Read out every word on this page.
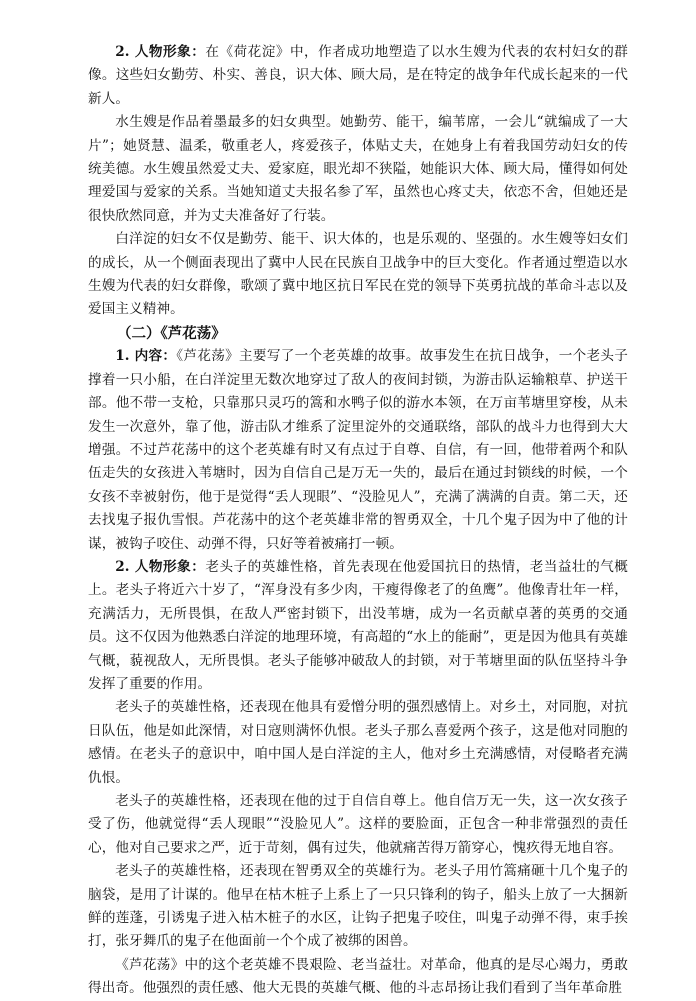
2. 人物形象：在《荷花淀》中，作者成功地塑造了以水生嫂为代表的农村妇女的群像。这些妇女勤劳、朴实、善良，识大体、顾大局，是在特定的战争年代成长起来的一代新人。

水生嫂是作品着墨最多的妇女典型。她勤劳、能干，编苇席，一会儿“就编成了一大片”；她贤慧、温柔，敬重老人，疼爱孩子，体贴丈夫，在她身上有着我国劳动妇女的传统美德。水生嫂虽然爱丈夫、爱家庭，眼光却不狭隘，她能识大体、顾大局，懂得如何处理爱国与爱家的关系。当她知道丈夫报名参了军，虽然也心疼丈夫，依恋不舍，但她还是很快欣然同意，并为丈夫准备好了行装。

白洋淀的妇女不仅是勤劳、能干、识大体的，也是乐观的、坚强的。水生嫂等妇女们的成长，从一个侧面表现出了冀中人民在民族自卫战争中的巨大变化。作者通过塑造以水生嫂为代表的妇女群像，歌颂了冀中地区抗日军民在党的领导下英勇抗战的革命斗志以及爱国主义精神。

（二）《芦花荡》

1. 内容：《芦花荡》主要写了一个老英雄的故事。故事发生在抗日战争，一个老头子撑着一只小船，在白洋淀里无数次地穿过了敌人的夜间封锁，为游击队运输粮草、护送干部。他不带一支枪，只靠那只灵巧的篙和水鸭子似的游水本领，在万亩苇塘里穿梭，从未发生一次意外，靠了他，游击队才维系了淀里淀外的交通联络，部队的战斗力也得到大大增强。不过芦花荡中的这个老英雄有时又有点过于自尊、自信，有一回，他带着两个和队伍走失的女孩进入苇塘时，因为自信自己是万无一失的，最后在通过封锁线的时候，一个女孩不幸被射伤，他于是觉得“丢人现眼”、“没脸见人”，充满了满满的自责。第二天，还去找鬼子报仇雪恨。芦花荡中的这个老英雄非常的智勇双全，十几个鬼子因为中了他的计谋，被钩子咬住、动弹不得，只好等着被痛打一顿。

2. 人物形象：老头子的英雄性格，首先表现在他爱国抗日的热情，老当益壮的气概上。老头子将近六十岁了，“浑身没有多少肉，干瘦得像老了的鱼鹰”。他像青壮年一样，充满活力，无所畏惧，在敌人严密封锁下，出没苇塘，成为一名贡献卓著的英勇的交通员。这不仅因为他熟悉白洋淀的地理环境，有高超的“水上的能耐”，更是因为他具有英雄气概，藐视敌人，无所畏惧。老头子能够冲破敌人的封锁，对于苇塘里面的队伍坚持斗争发挥了重要的作用。

老头子的英雄性格，还表现在他具有爱憎分明的强烈感情上。对乡土，对同胞，对抗日队伍，他是如此深情，对日寇则满怀仇恨。老头子那么喜爱两个孩子，这是他对同胞的感情。在老头子的意识中，咱中国人是白洋淀的主人，他对乡土充满感情，对侵略者充满仇恨。

老头子的英雄性格，还表现在他的过于自信自尊上。他自信万无一失，这一次女孩子受了伤，他就觉得“丢人现眼”“没脸见人”。这样的要脸面，正包含一种非常强烈的责任心，他对自己要求之严，近于苛刻，偶有过失，他就痛苦得万箭穿心，愧疚得无地自容。

老头子的英雄性格，还表现在智勇双全的英雄行为。老头子用竹篙痛砸十几个鬼子的脑袋，是用了计谋的。他早在枯木桩子上系上了一只只锋利的钩子，船头上放了一大捆新鲜的莲蓬，引诱鬼子进入枯木桩子的水区，让钩子把鬼子咬住，叫鬼子动弹不得，束手挨打，张牙舞爪的鬼子在他面前一个个成了被绑的困兽。

《芦花荡》中的这个老英雄不畏艰险、老当益壮。对革命，他真的是尽心竭力，勇敢得出奇。他强烈的责任感、他大无畏的英雄气概、他的斗志昂扬让我们看到了当年革命胜
